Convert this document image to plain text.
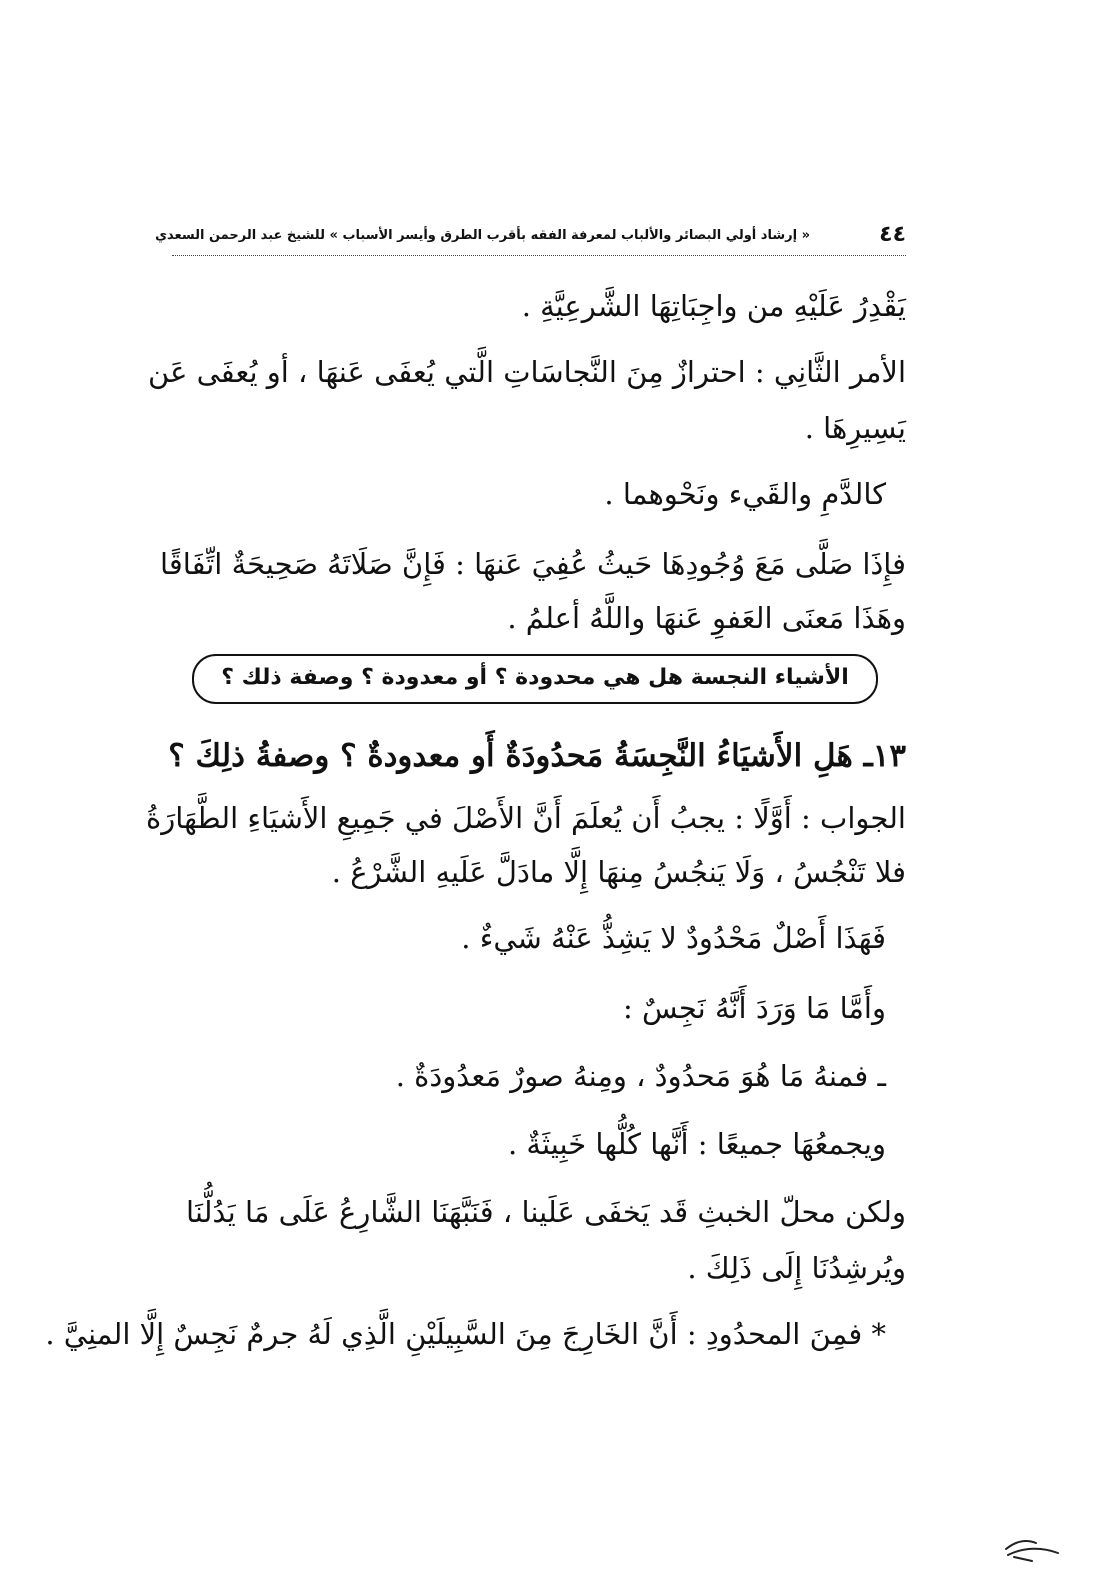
٤٤
« إرشاد أولي البصائر والألباب لمعرفة الفقه بأقرب الطرق وأيسر الأسباب » للشيخ عبد الرحمن السعدي
يَقْدِرُ عَلَيْهِ من واجِبَاتِهَا الشَّرعِيَّةِ .
الأمر الثَّانِي : احترازٌ مِنَ النَّجاسَاتِ الَّتي يُعفَى عَنهَا ، أو يُعفَى عَن
يَسِيرِهَا .
كالدَّمِ والقَيء ونَحْوهما .
فإِذَا صَلَّى مَعَ وُجُودِهَا حَيثُ عُفِيَ عَنهَا : فَإِنَّ صَلَاتَهُ صَحِيحَةٌ اتِّفَاقًا
وهَذَا مَعنَى العَفوِ عَنهَا واللَّهُ أعلمُ .
الأشياء النجسة هل هي محدودة ؟ أو معدودة ؟ وصفة ذلك ؟
١٣ـ هَلِ الأَشيَاءُ النَّجِسَةُ مَحدُودَةٌ أَو معدودةٌ ؟ وصفةُ ذلِكَ ؟
الجواب : أَوَّلًا : يجبُ أَن يُعلَمَ أَنَّ الأَصْلَ في جَمِيعِ الأَشيَاءِ الطَّهَارَةُ
فلا تَنْجُسُ ، وَلَا يَنجُسُ مِنهَا إِلَّا مادَلَّ عَلَيهِ الشَّرْعُ .
فَهَذَا أَصْلٌ مَحْدُودٌ لا يَشِذُّ عَنْهُ شَيءٌ .
وأَمَّا مَا وَرَدَ أَنَّهُ نَجِسٌ :
ـ فمنهُ مَا هُوَ مَحدُودٌ ، ومِنهُ صورٌ مَعدُودَةٌ .
ويجمعُهَا جميعًا : أَنَّها كُلُّها خَبِيثَةٌ .
ولكن محلّ الخبثِ قَد يَخفَى عَلَينا ، فَنَبَّهَنَا الشَّارِعُ عَلَى مَا يَدُلُّنَا
ويُرشِدُنَا إِلَى ذَلِكَ .
* فمِنَ المحدُودِ : أَنَّ الخَارِجَ مِنَ السَّبِيلَيْنِ الَّذِي لَهُ جرمٌ نَجِسٌ إِلَّا المنِيَّ .
